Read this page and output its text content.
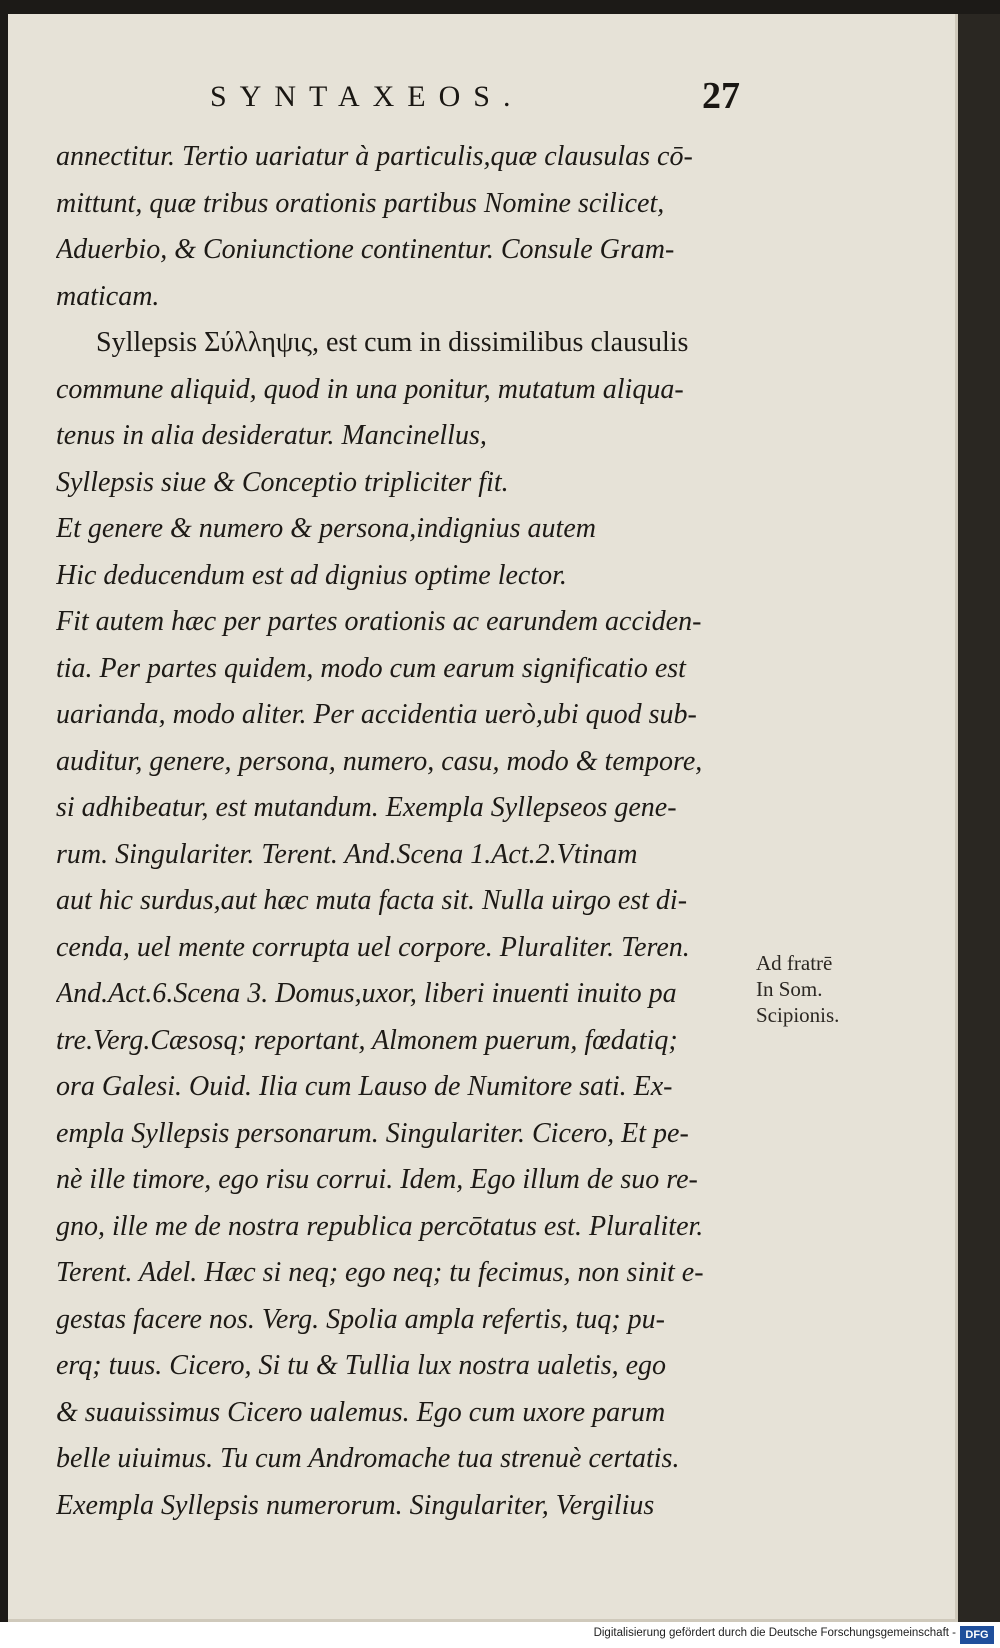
SYNTAXEOS.	27
annectitur. Tertio uariatur à particulis,quæ clausulas cō-
mittunt, quæ tribus orationis partibus Nomine scilicet,
Aduerbio, & Coniunctione continentur. Consule Gram-
maticam.
Syllepsis Σύλληψις, est cum in dissimilibus clausulis
commune aliquid, quod in una ponitur, mutatum aliqua-
tenus in alia desideratur. Mancinellus,
Syllepsis siue & Conceptio tripliciter fit.
Et genere & numero & persona,indignius autem
Hic deducendum est ad dignius optime lector.
Fit autem hæc per partes orationis ac earundem acciden-
tia. Per partes quidem, modo cum earum significatio est
uarianda, modo aliter. Per accidentia uerò,ubi quod sub-
auditur, genere, persona, numero, casu, modo & tempore,
si adhibeatur, est mutandum. Exempla Syllepseos gene-
rum. Singulariter. Terent. And.Scena 1.Act.2.Vtinam
aut hic surdus,aut hæc muta facta sit. Nulla uirgo est di-
cenda, uel mente corrupta uel corpore. Pluraliter. Teren.
And.Act.6.Scena 3. Domus,uxor, liberi inuenti inuito pa
tre.Verg.Cæsosq; reportant, Almonem puerum, fœdatiq;
ora Galesi. Ouid. Ilia cum Lauso de Numitore sati. Ex-
empla Syllepsis personarum. Singulariter. Cicero, Et pe-
nè ille timore, ego risu corrui. Idem, Ego illum de suo re-
gno, ille me de nostra republica percōtatus est. Pluraliter.
Terent. Adel. Hæc si neq; ego neq; tu fecimus, non sinit e-
gestas facere nos. Verg. Spolia ampla refertis, tuq; pu-
erq; tuus. Cicero, Si tu & Tullia lux nostra ualetis, ego
& suauissimus Cicero ualemus. Ego cum uxore parum
belle uiuimus. Tu cum Andromache tua strenuè certatis.
Exempla Syllepsis numerorum. Singulariter, Vergilius
Ad fratrē
In Som.
Scipionis.
Digitalisierung gefördert durch die Deutsche Forschungsgemeinschaft - DFG
